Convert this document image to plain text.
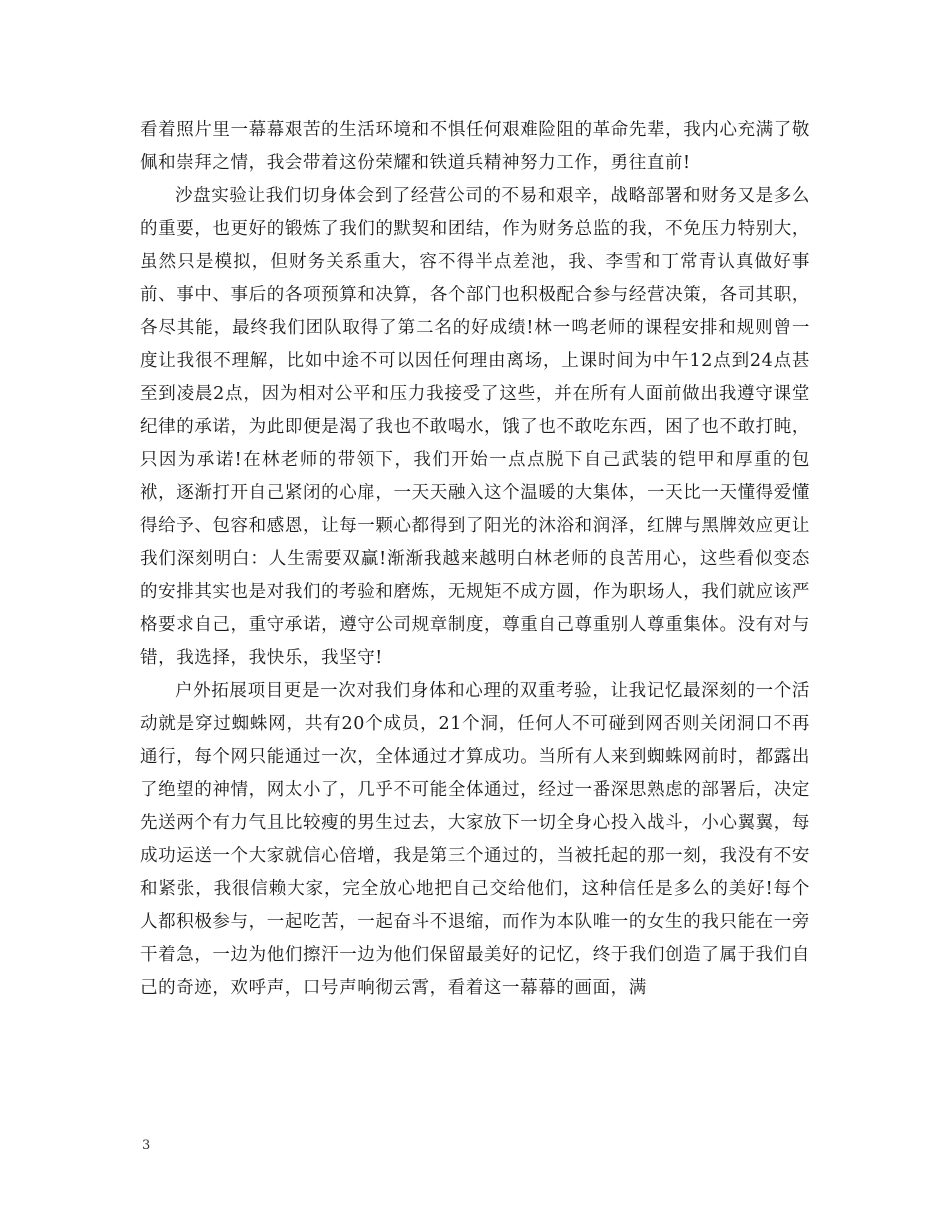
看着照片里一幕幕艰苦的生活环境和不惧任何艰难险阻的革命先辈，我内心充满了敬佩和崇拜之情，我会带着这份荣耀和铁道兵精神努力工作，勇往直前!

沙盘实验让我们切身体会到了经营公司的不易和艰辛，战略部署和财务又是多么的重要，也更好的锻炼了我们的默契和团结，作为财务总监的我，不免压力特别大，虽然只是模拟，但财务关系重大，容不得半点差池，我、李雪和丁常青认真做好事前、事中、事后的各项预算和决算，各个部门也积极配合参与经营决策，各司其职，各尽其能，最终我们团队取得了第二名的好成绩!林一鸣老师的课程安排和规则曾一度让我很不理解，比如中途不可以因任何理由离场，上课时间为中午12点到24点甚至到凌晨2点，因为相对公平和压力我接受了这些，并在所有人面前做出我遵守课堂纪律的承诺，为此即便是渴了我也不敢喝水，饿了也不敢吃东西，困了也不敢打盹，只因为承诺!在林老师的带领下，我们开始一点点脱下自己武装的铠甲和厚重的包袱，逐渐打开自己紧闭的心扉，一天天融入这个温暖的大集体，一天比一天懂得爱懂得给予、包容和感恩，让每一颗心都得到了阳光的沐浴和润泽，红牌与黑牌效应更让我们深刻明白：人生需要双赢!渐渐我越来越明白林老师的良苦用心，这些看似变态的安排其实也是对我们的考验和磨炼，无规矩不成方圆，作为职场人，我们就应该严格要求自己，重守承诺，遵守公司规章制度，尊重自己尊重别人尊重集体。没有对与错，我选择，我快乐，我坚守!

户外拓展项目更是一次对我们身体和心理的双重考验，让我记忆最深刻的一个活动就是穿过蜘蛛网，共有20个成员，21个洞，任何人不可碰到网否则关闭洞口不再通行，每个网只能通过一次，全体通过才算成功。当所有人来到蜘蛛网前时，都露出了绝望的神情，网太小了，几乎不可能全体通过，经过一番深思熟虑的部署后，决定先送两个有力气且比较瘦的男生过去，大家放下一切全身心投入战斗，小心翼翼，每成功运送一个大家就信心倍增，我是第三个通过的，当被托起的那一刻，我没有不安和紧张，我很信赖大家，完全放心地把自己交给他们，这种信任是多么的美好!每个人都积极参与，一起吃苦，一起奋斗不退缩，而作为本队唯一的女生的我只能在一旁干着急，一边为他们擦汗一边为他们保留最美好的记忆，终于我们创造了属于我们自己的奇迹，欢呼声，口号声响彻云霄，看着这一幕幕的画面，满

3
